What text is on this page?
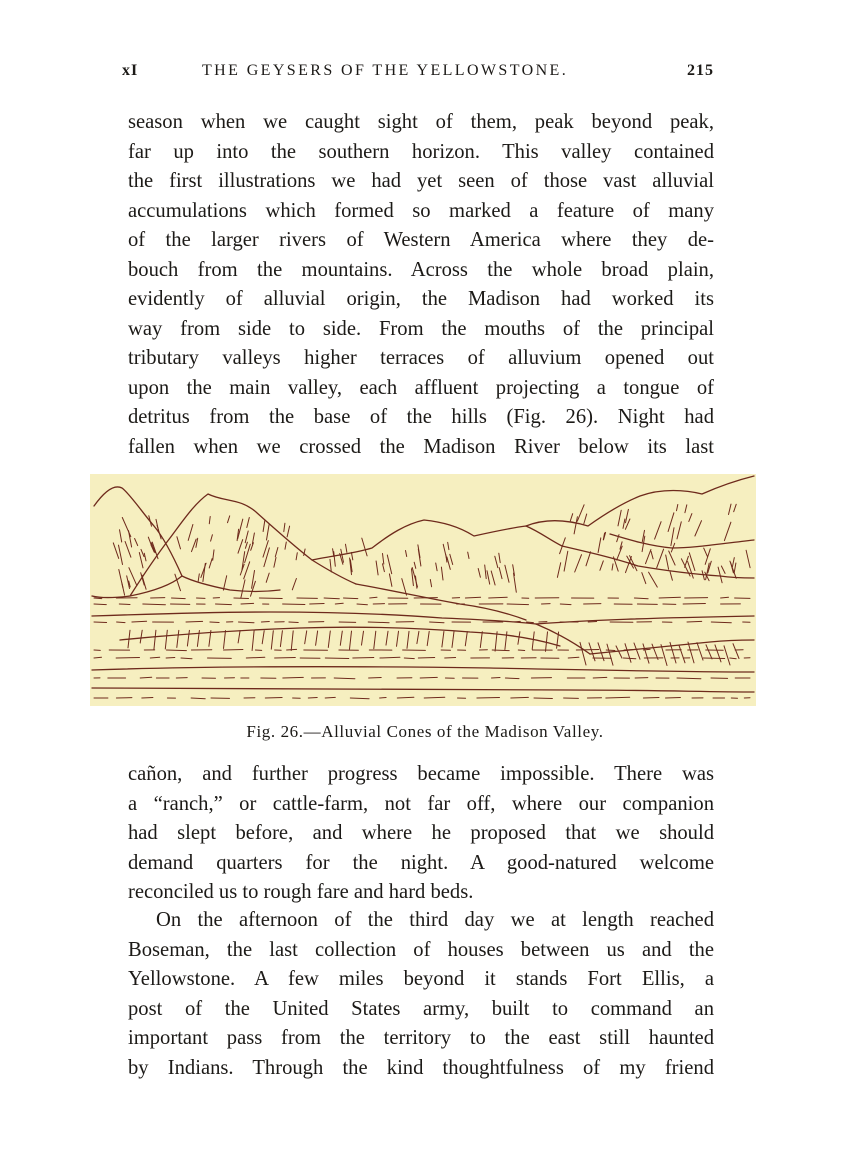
xI	THE GEYSERS OF THE YELLOWSTONE.	215
season when we caught sight of them, peak beyond peak,
far up into the southern horizon. This valley contained
the first illustrations we had yet seen of those vast alluvial
accumulations which formed so marked a feature of many
of the larger rivers of Western America where they de-
bouch from the mountains. Across the whole broad plain,
evidently of alluvial origin, the Madison had worked its
way from side to side. From the mouths of the principal
tributary valleys higher terraces of alluvium opened out
upon the main valley, each affluent projecting a tongue of
detritus from the base of the hills (Fig. 26). Night had
fallen when we crossed the Madison River below its last
Fig. 26.—Alluvial Cones of the Madison Valley.
cañon, and further progress became impossible. There was
a “ranch,” or cattle-farm, not far off, where our companion
had slept before, and where he proposed that we should
demand quarters for the night. A good-natured welcome
reconciled us to rough fare and hard beds.
On the afternoon of the third day we at length reached
Boseman, the last collection of houses between us and the
Yellowstone. A few miles beyond it stands Fort Ellis, a
post of the United States army, built to command an
important pass from the territory to the east still haunted
by Indians. Through the kind thoughtfulness of my friend
